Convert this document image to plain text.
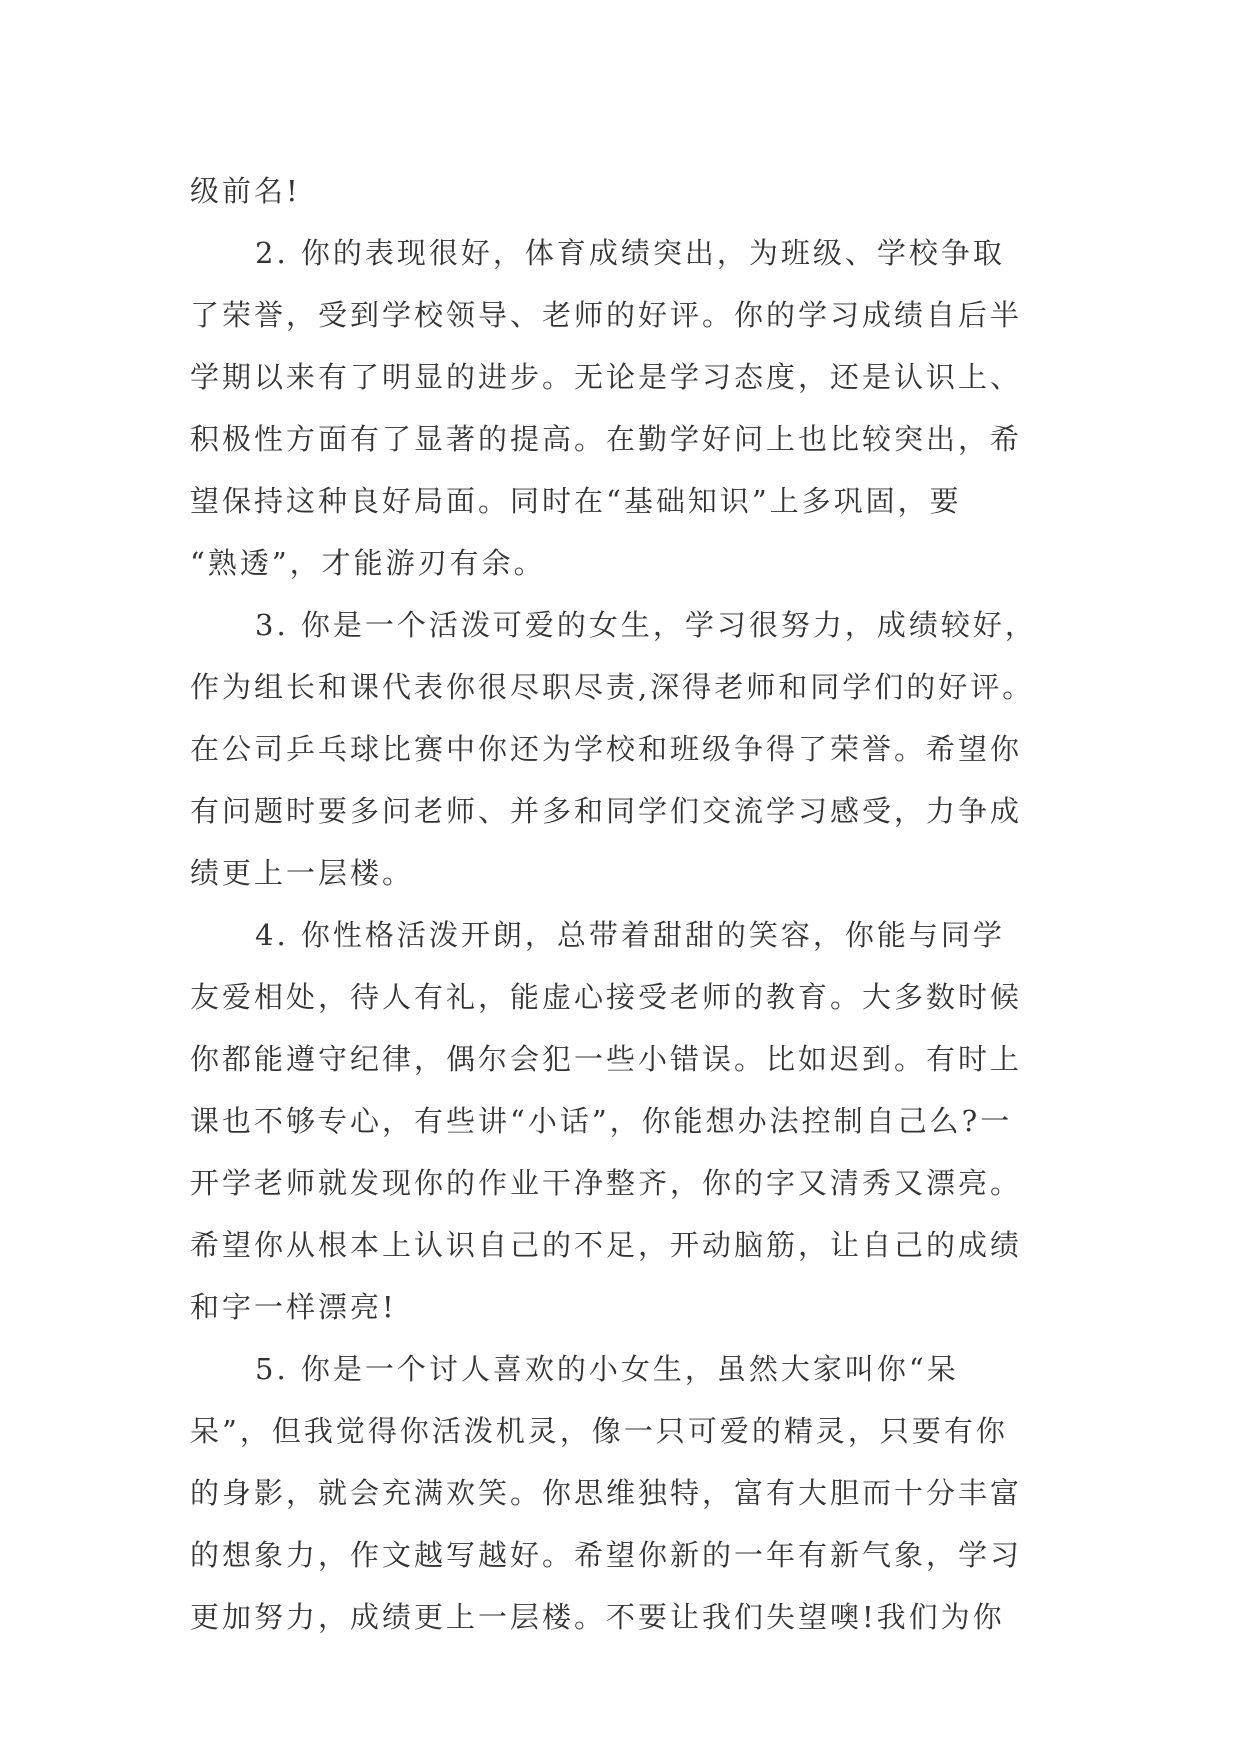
级前名!
2. 你的表现很好，体育成绩突出，为班级、学校争取
了荣誉，受到学校领导、老师的好评。你的学习成绩自后半
学期以来有了明显的进步。无论是学习态度，还是认识上、
积极性方面有了显著的提高。在勤学好问上也比较突出，希
望保持这种良好局面。同时在“基础知识”上多巩固，要
“熟透”，才能游刃有余。
3. 你是一个活泼可爱的女生，学习很努力，成绩较好，
作为组长和课代表你很尽职尽责,深得老师和同学们的好评。
在公司乒乓球比赛中你还为学校和班级争得了荣誉。希望你
有问题时要多问老师、并多和同学们交流学习感受，力争成
绩更上一层楼。
4. 你性格活泼开朗，总带着甜甜的笑容，你能与同学
友爱相处，待人有礼，能虚心接受老师的教育。大多数时候
你都能遵守纪律，偶尔会犯一些小错误。比如迟到。有时上
课也不够专心，有些讲“小话”，你能想办法控制自己么?一
开学老师就发现你的作业干净整齐，你的字又清秀又漂亮。
希望你从根本上认识自己的不足，开动脑筋，让自己的成绩
和字一样漂亮!
5. 你是一个讨人喜欢的小女生，虽然大家叫你“呆
呆”，但我觉得你活泼机灵，像一只可爱的精灵，只要有你
的身影，就会充满欢笑。你思维独特，富有大胆而十分丰富
的想象力，作文越写越好。希望你新的一年有新气象，学习
更加努力，成绩更上一层楼。不要让我们失望噢!我们为你
